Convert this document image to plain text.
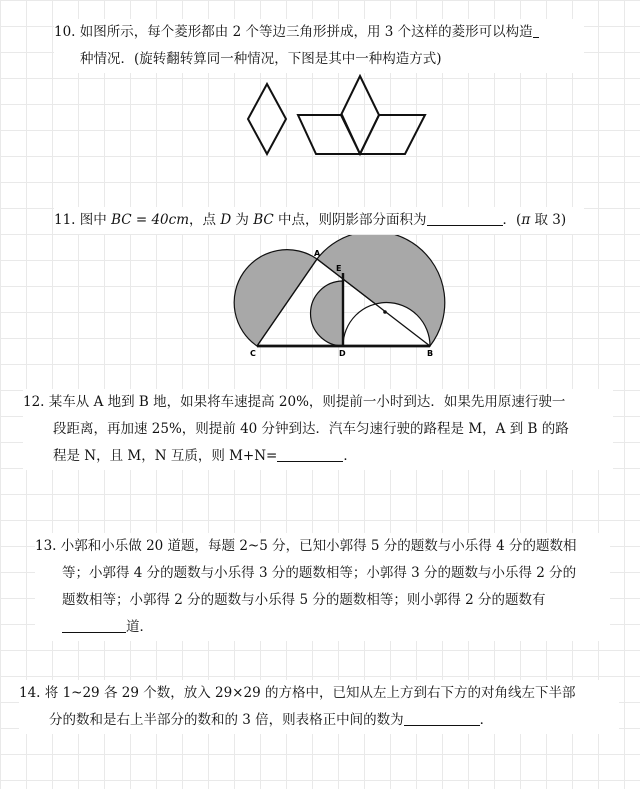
10. 如图所示，每个菱形都由 2 个等边三角形拼成，用 3 个这样的菱形可以构造
种情况．(旋转翻转算同一种情况，下图是其中一种构造方式)
11. 图中 BC = 40cm，点 D 为 BC 中点，则阴影部分面积为	．(π 取 3)
A
E
C	D	B
12. 某车从 A 地到 B 地，如果将车速提高 20%，则提前一小时到达．如果先用原速行驶一
段距离，再加速 25%，则提前 40 分钟到达．汽车匀速行驶的路程是 M，A 到 B 的路
程是 N，且 M，N 互质，则 M+N=	．
13. 小郭和小乐做 20 道题，每题 2~5 分，已知小郭得 5 分的题数与小乐得 4 分的题数相
等；小郭得 4 分的题数与小乐得 3 分的题数相等；小郭得 3 分的题数与小乐得 2 分的
题数相等；小郭得 2 分的题数与小乐得 5 分的题数相等；则小郭得 2 分的题数有
道．
14. 将 1~29 各 29 个数，放入 29×29 的方格中，已知从左上方到右下方的对角线左下半部
分的数和是右上半部分的数和的 3 倍，则表格正中间的数为	．
